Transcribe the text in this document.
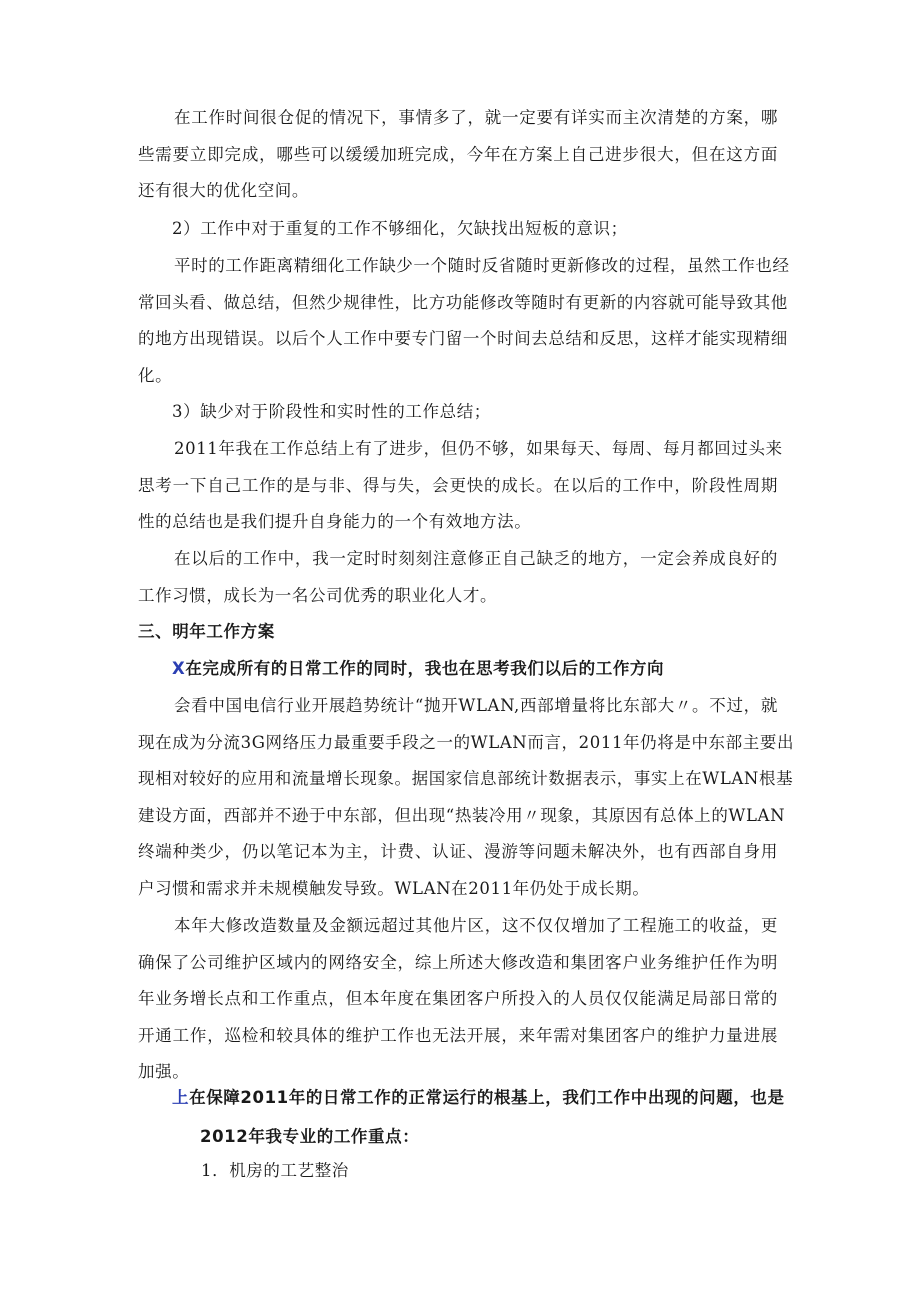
在工作时间很仓促的情况下，事情多了，就一定要有详实而主次清楚的方案，哪
些需要立即完成，哪些可以缓缓加班完成，今年在方案上自己进步很大，但在这方面
还有很大的优化空间。
2）工作中对于重复的工作不够细化，欠缺找出短板的意识；
平时的工作距离精细化工作缺少一个随时反省随时更新修改的过程，虽然工作也经
常回头看、做总结，但然少规律性，比方功能修改等随时有更新的内容就可能导致其他
的地方出现错误。以后个人工作中要专门留一个时间去总结和反思，这样才能实现精细
化。
3）缺少对于阶段性和实时性的工作总结；
2011年我在工作总结上有了进步，但仍不够，如果每天、每周、每月都回过头来
思考一下自己工作的是与非、得与失，会更快的成长。在以后的工作中，阶段性周期
性的总结也是我们提升自身能力的一个有效地方法。
在以后的工作中，我一定时时刻刻注意修正自己缺乏的地方，一定会养成良好的
工作习惯，成长为一名公司优秀的职业化人才。
三、明年工作方案
X在完成所有的日常工作的同时，我也在思考我们以后的工作方向
会看中国电信行业开展趋势统计“抛开WLAN,西部增量将比东部大〃。不过，就
现在成为分流3G网络压力最重要手段之一的WLAN而言，2011年仍将是中东部主要出
现相对较好的应用和流量增长现象。据国家信息部统计数据表示，事实上在WLAN根基
建设方面，西部并不逊于中东部，但出现“热装冷用〃现象，其原因有总体上的WLAN
终端种类少，仍以笔记本为主，计费、认证、漫游等问题未解决外，也有西部自身用
户习惯和需求并未规模触发导致。WLAN在2011年仍处于成长期。
本年大修改造数量及金额远超过其他片区，这不仅仅增加了工程施工的收益，更
确保了公司维护区域内的网络安全，综上所述大修改造和集团客户业务维护任作为明
年业务增长点和工作重点，但本年度在集团客户所投入的人员仅仅能满足局部日常的
开通工作，巡检和较具体的维护工作也无法开展，来年需对集团客户的维护力量进展
加强。
上在保障2011年的日常工作的正常运行的根基上，我们工作中出现的问题，也是
2012年我专业的工作重点：
1．机房的工艺整治
